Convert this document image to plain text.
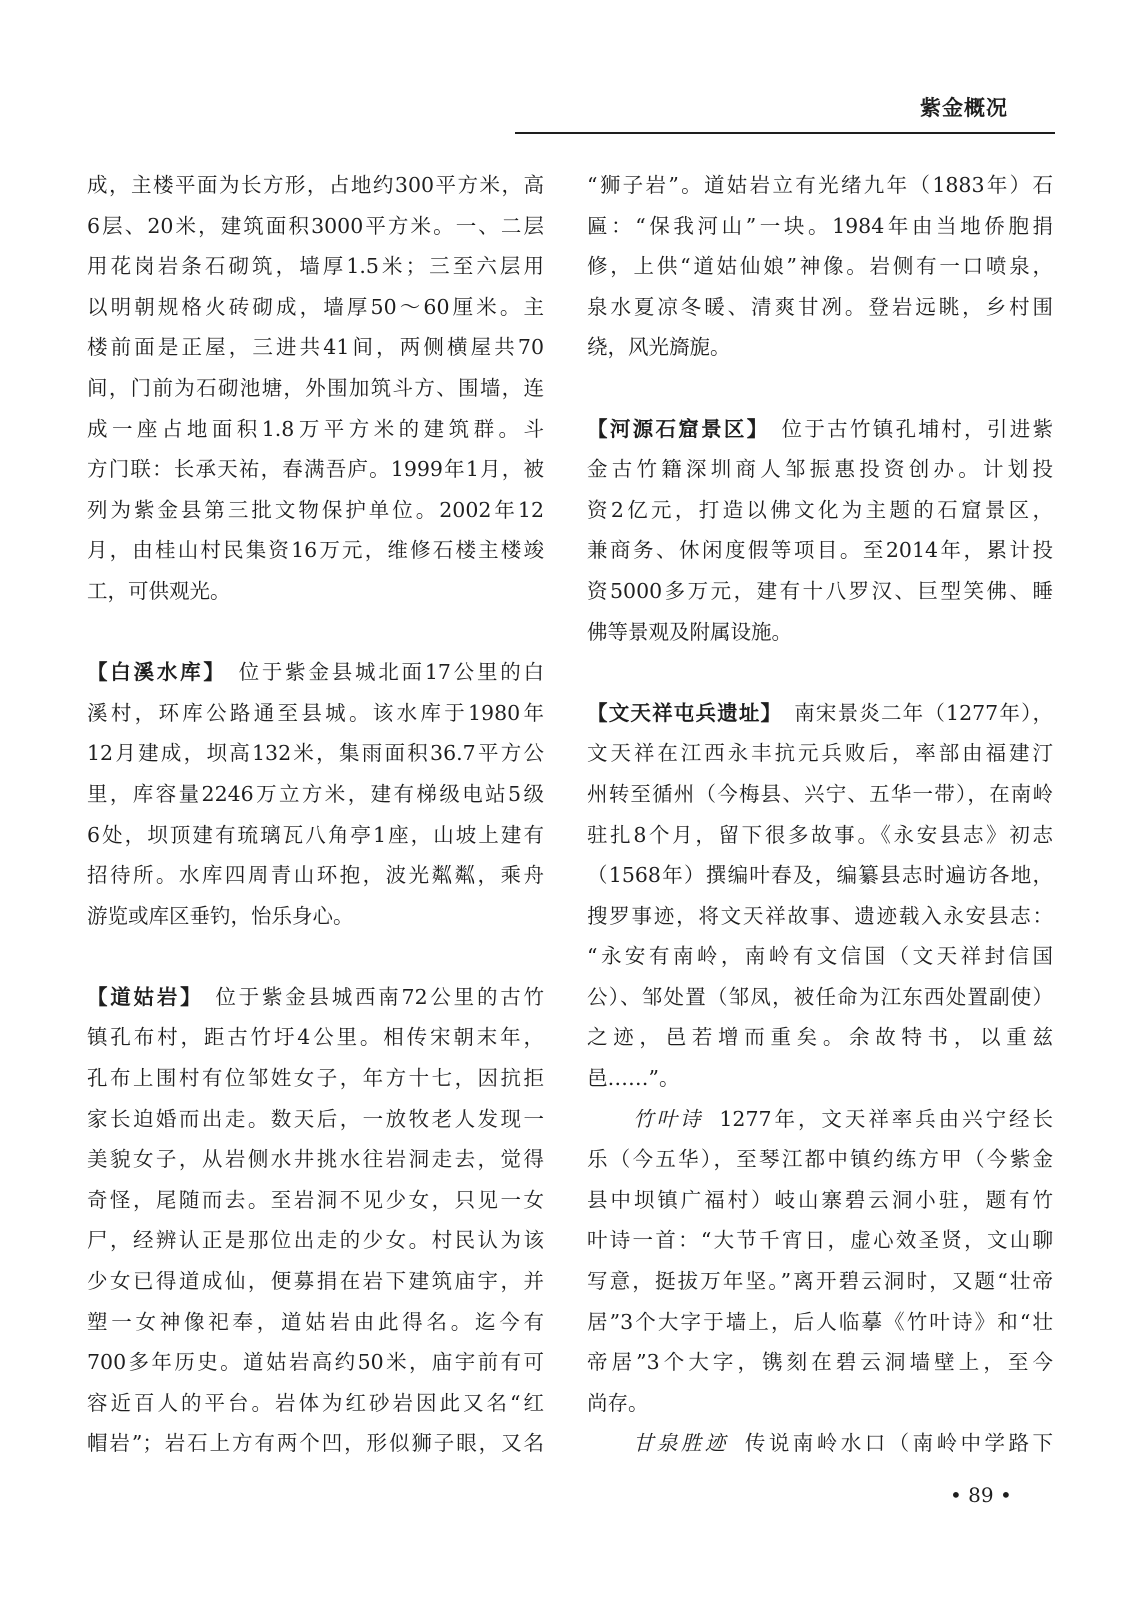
紫金概况
成，主楼平面为长方形，占地约300平方米，高
6层、20米，建筑面积3000平方米。一、二层
用花岗岩条石砌筑，墙厚1.5米；三至六层用
以明朝规格火砖砌成，墙厚50～60厘米。主
楼前面是正屋，三进共41间，两侧横屋共70
间，门前为石砌池塘，外围加筑斗方、围墙，连
成一座占地面积1.8万平方米的建筑群。斗
方门联：长承天祐，春满吾庐。1999年1月，被
列为紫金县第三批文物保护单位。2002年12
月，由桂山村民集资16万元，维修石楼主楼竣
工，可供观光。
【白溪水库】 位于紫金县城北面17公里的白
溪村，环库公路通至县城。该水库于1980年
12月建成，坝高132米，集雨面积36.7平方公
里，库容量2246万立方米，建有梯级电站5级
6处，坝顶建有琉璃瓦八角亭1座，山坡上建有
招待所。水库四周青山环抱，波光粼粼，乘舟
游览或库区垂钓，怡乐身心。
【道姑岩】 位于紫金县城西南72公里的古竹
镇孔布村，距古竹圩4公里。相传宋朝末年，
孔布上围村有位邹姓女子，年方十七，因抗拒
家长迫婚而出走。数天后，一放牧老人发现一
美貌女子，从岩侧水井挑水往岩洞走去，觉得
奇怪，尾随而去。至岩洞不见少女，只见一女
尸，经辨认正是那位出走的少女。村民认为该
少女已得道成仙，便募捐在岩下建筑庙宇，并
塑一女神像祀奉，道姑岩由此得名。迄今有
700多年历史。道姑岩高约50米，庙宇前有可
容近百人的平台。岩体为红砂岩因此又名“红
帽岩”；岩石上方有两个凹，形似狮子眼，又名
“狮子岩”。道姑岩立有光绪九年（1883年）石
匾：“保我河山”一块。1984年由当地侨胞捐
修，上供“道姑仙娘”神像。岩侧有一口喷泉，
泉水夏凉冬暖、清爽甘冽。登岩远眺，乡村围
绕，风光旖旎。
【河源石窟景区】 位于古竹镇孔埔村，引进紫
金古竹籍深圳商人邹振惠投资创办。计划投
资2亿元，打造以佛文化为主题的石窟景区，
兼商务、休闲度假等项目。至2014年，累计投
资5000多万元，建有十八罗汉、巨型笑佛、睡
佛等景观及附属设施。
【文天祥屯兵遗址】 南宋景炎二年（1277年），
文天祥在江西永丰抗元兵败后，率部由福建汀
州转至循州（今梅县、兴宁、五华一带），在南岭
驻扎8个月，留下很多故事。《永安县志》初志
（1568年）撰编叶春及，编纂县志时遍访各地，
搜罗事迹，将文天祥故事、遗迹载入永安县志：
“永安有南岭，南岭有文信国（文天祥封信国
公）、邹处置（邹凤，被任命为江东西处置副使）
之迹，邑若增而重矣。余故特书，以重兹
邑……”。
竹叶诗 1277年，文天祥率兵由兴宁经长
乐（今五华），至琴江都中镇约练方甲（今紫金
县中坝镇广福村）岐山寨碧云洞小驻，题有竹
叶诗一首：“大节千宵日，虚心效圣贤，文山聊
写意，挺拔万年坚。”离开碧云洞时，又题“壮帝
居”3个大字于墙上，后人临摹《竹叶诗》和“壮
帝居”3个大字，镌刻在碧云洞墙壁上，至今
尚存。
甘泉胜迹 传说南岭水口（南岭中学路下
• 89 •
